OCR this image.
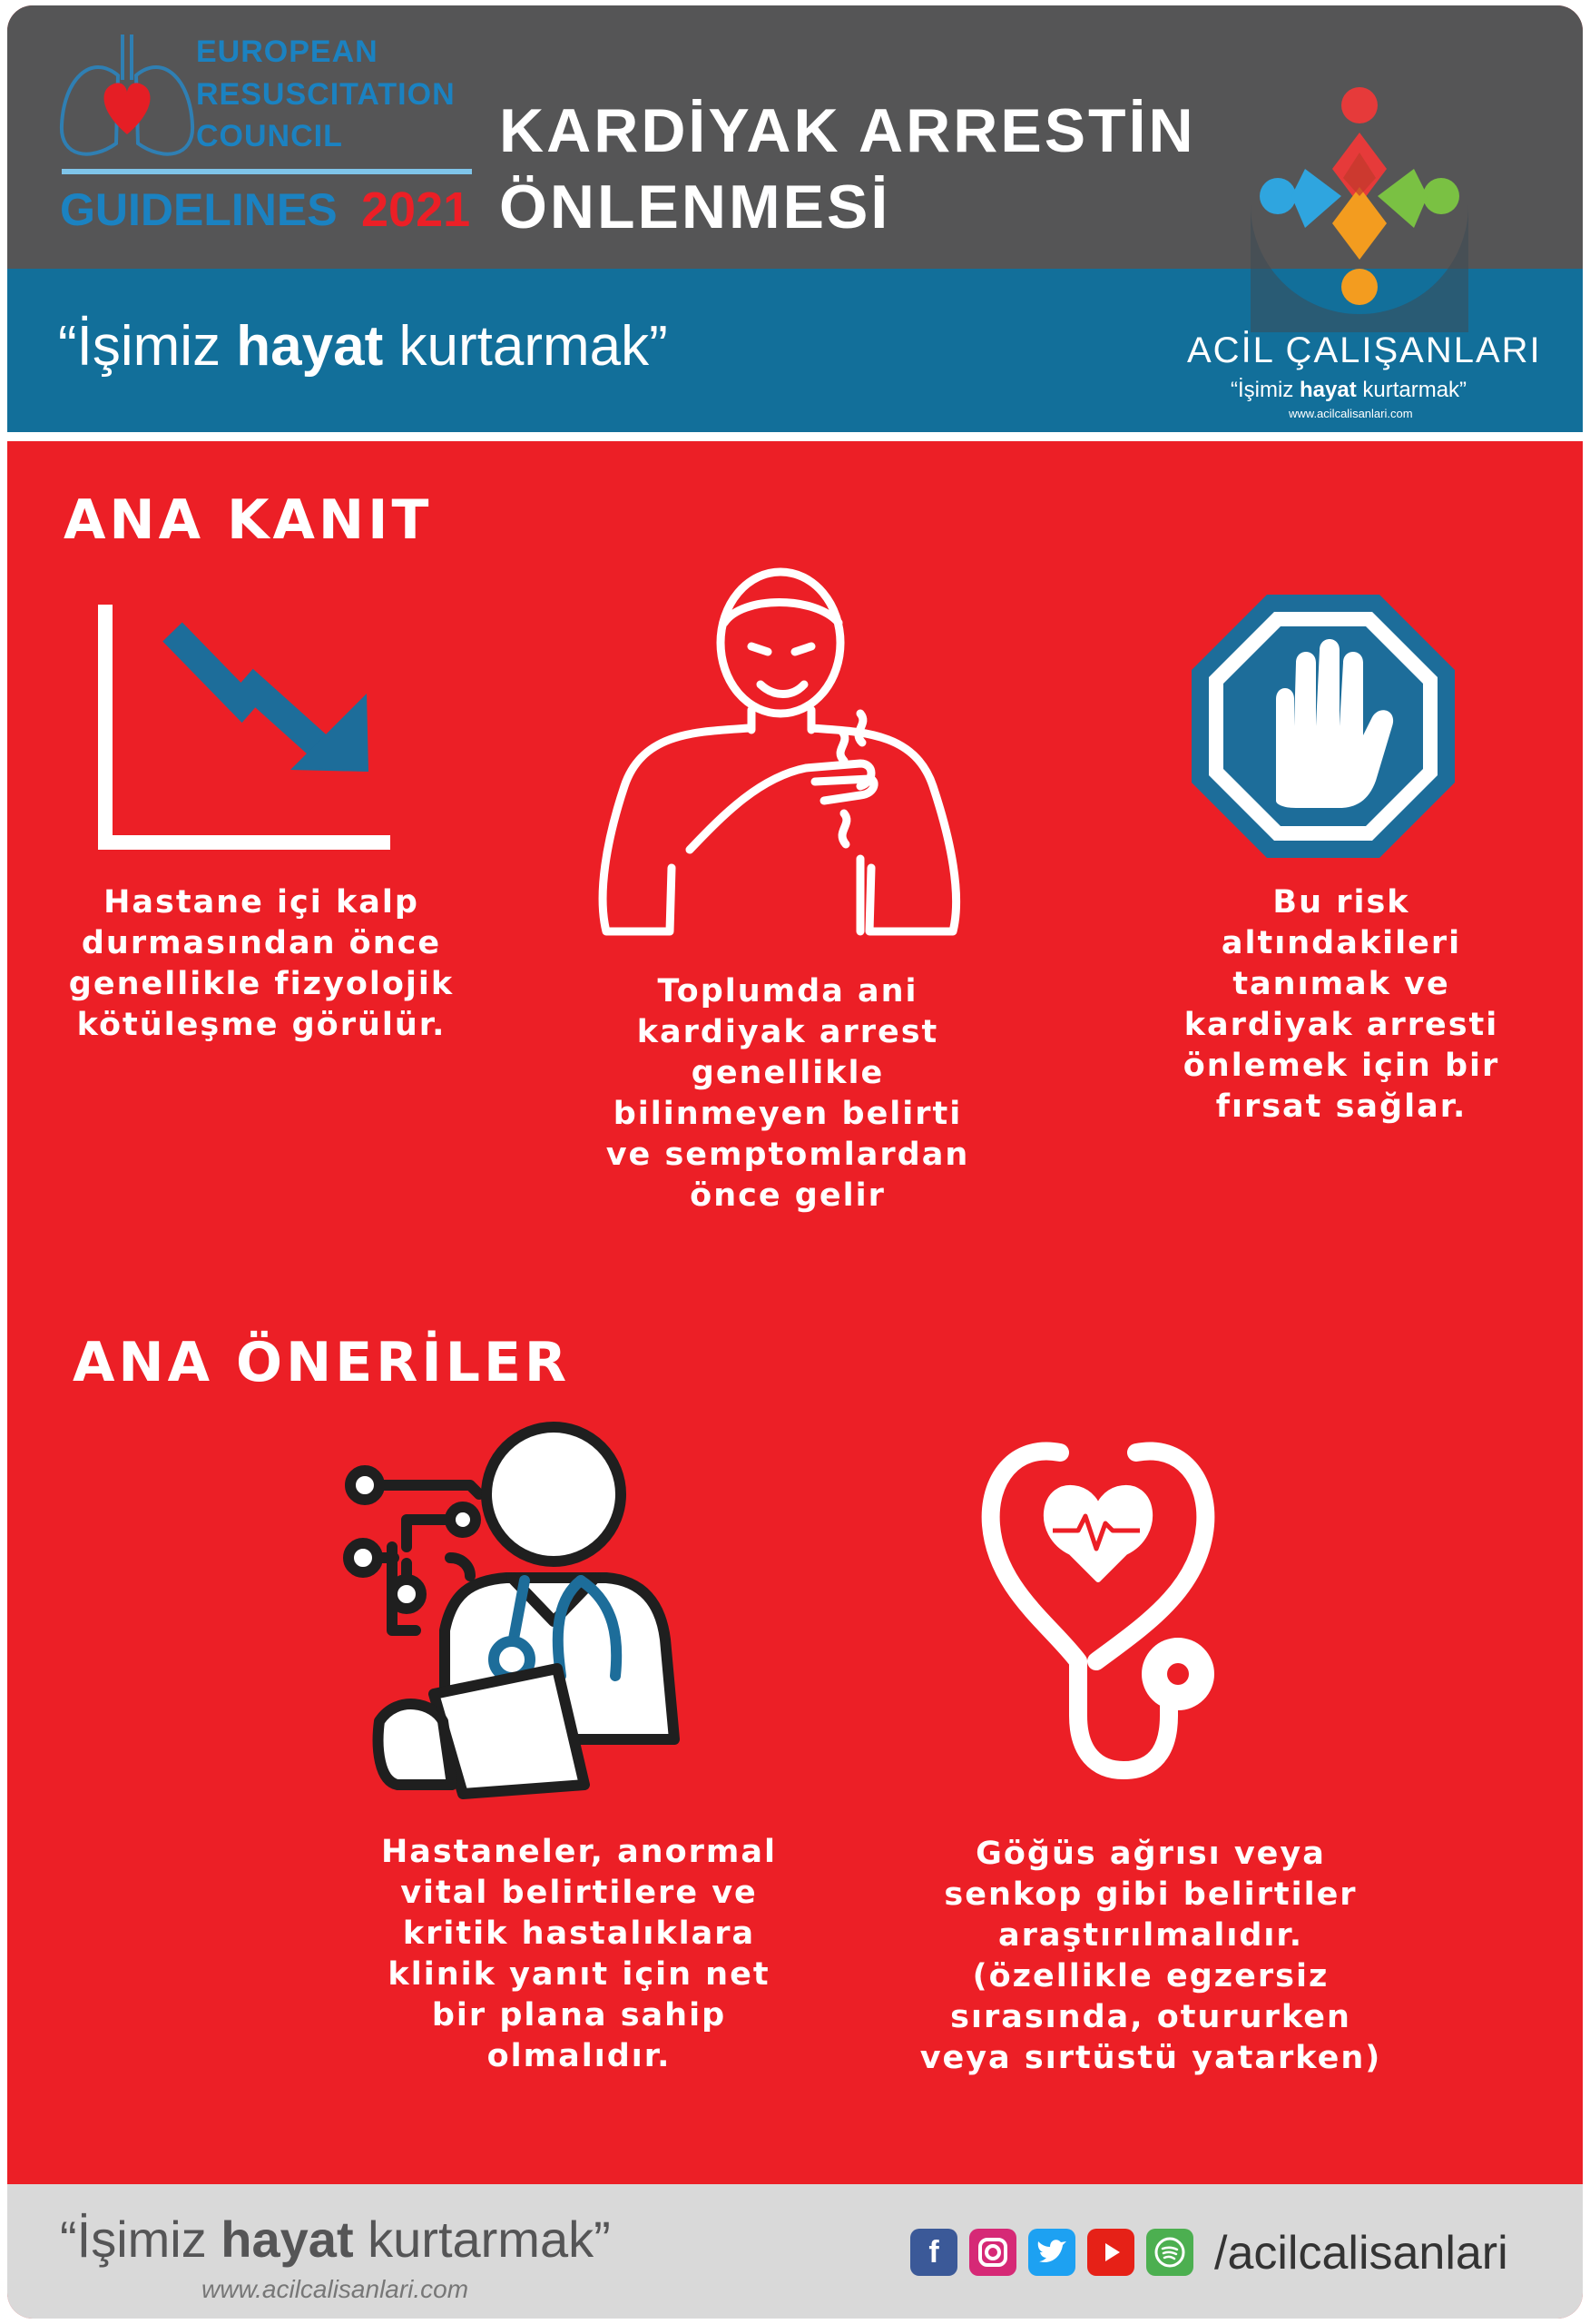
EUROPEAN
RESUSCITATION
COUNCIL
GUIDELINES 2021
KARDİYAK ARRESTİN
ÖNLENMESİ
“İşimiz hayat kurtarmak”	ACİL ÇALIŞANLARI
“İşimiz hayat kurtarmak”
www.acilcalisanlari.com
ANA KANIT
Hastane içi kalp
durmasından önce
genellikle fizyolojik
kötüleşme görülür.
Toplumda ani
kardiyak arrest
genellikle
bilinmeyen belirti
ve semptomlardan
önce gelir
Bu risk
altındakileri
tanımak ve
kardiyak arresti
önlemek için bir
fırsat sağlar.
ANA ÖNERİLER
Hastaneler, anormal
vital belirtilere ve
kritik hastalıklara
klinik yanıt için net
bir plana sahip
olmalıdır.
Göğüs ağrısı veya
senkop gibi belirtiler
araştırılmalıdır.
(özellikle egzersiz
sırasında, otururken
veya sırtüstü yatarken)
“İşimiz hayat kurtarmak”
www.acilcalisanlari.com
f	/acilcalisanlari
